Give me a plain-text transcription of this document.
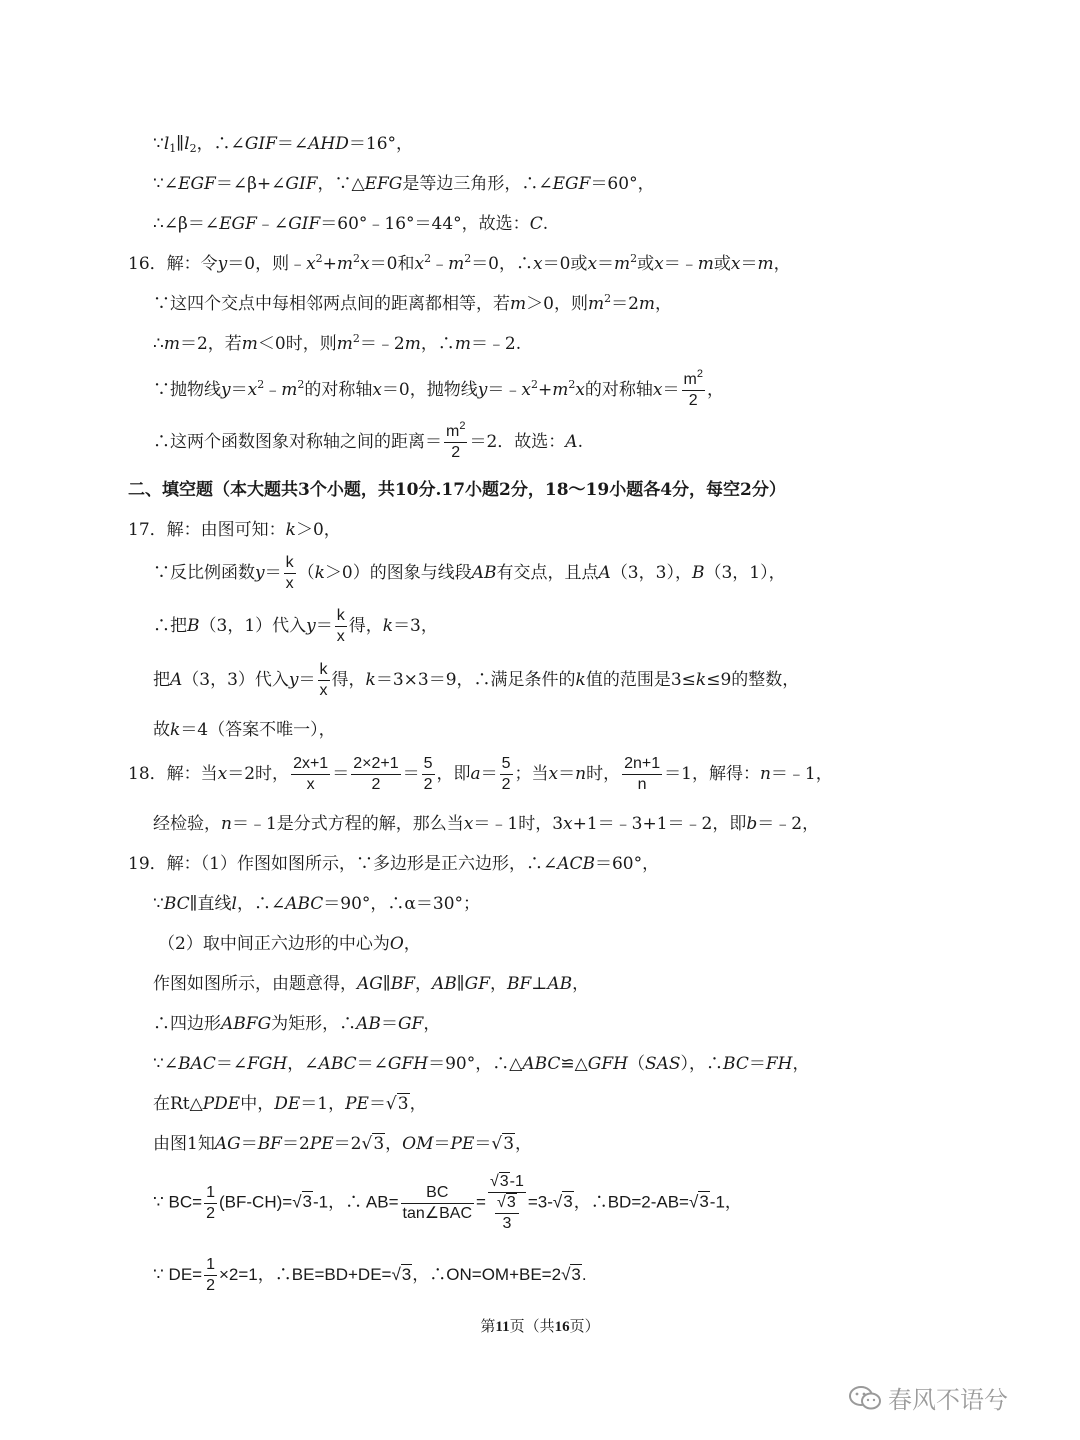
$\because l_1\parallel l_2$，∴∠GIF＝∠AHD＝16°，
∵∠EGF＝∠β+∠GIF，∵△EFG是等边三角形，∴∠EGF＝60°，
∴∠β＝∠EGF﹣∠GIF＝60°﹣16°＝44°，故选：C.
16．解：令y＝0，则$﹣x^2+m^2x=0$和$x^2﹣m^2=0$，∴x＝0或$x=m^2$或x＝﹣m或x＝m，
∵这四个交点中每相邻两点间的距离都相等，若m＞0，则$m^2=2m$，
∴m＝2，若m＜0时，则$m^2=﹣2m$，∴m＝﹣2.
∵抛物线$y=x^2﹣m^2$的对称轴x＝0，抛物线$y=﹣x^2+m^2x$的对称轴$x= \frac{m^2}{2}$ ，
∴这两个函数图象对称轴之间的距离＝ $\frac{m^2}{2} =2$．故选：A.
二、填空题（本大题共3个小题，共10分.17小题2分，18～19小题各4分，每空2分）
17．解：由图可知：k＞0，
∵反比例函数$y= \frac{k}{x} (k>0)$的图象与线段AB有交点，且点A（3，3），B（3，1），
∴把B（3，1）代入$y= \frac{k}{x}$ 得，k＝3，
把A（3，3）代入$y= \frac{k}{x}$ 得，k＝3×3＝9，∴满足条件的k值的范围是3≤k≤9的整数，
故k＝4（答案不唯一），
18．解：当x＝2时， $\frac{2x+1}{x} = \frac{2\times 2+1}{2} = \frac{5}{2}$ ，即$a= \frac{5}{2}$ ；当x＝n时， $\frac{2n+1}{n} =1$，解得：n＝﹣1，
经检验，n＝﹣1是分式方程的解，那么当x＝﹣1时，3x+1＝﹣3+1＝﹣2，即b＝﹣2，
19．解：（1）作图如图所示，∵多边形是正六边形，∴∠ACB＝60°，
∵BC∥直线l，∴∠ABC＝90°，∴α＝30°；
（2）取中间正六边形的中心为O，
作图如图所示，由题意得，AG∥BF，AB∥GF，BF⊥AB，
∴四边形ABFG为矩形，∴AB＝GF，
∵∠BAC＝∠FGH，∠ABC＝∠GFH＝90°，∴△ABC≌△GFH（SAS），∴BC＝FH，
在Rt△PDE中，DE＝1，PE＝√3，
由图1知AG＝BF＝2PE＝2√3，OM＝PE＝√3，
∵ $BC= \frac{1}{2} (BF-CH)=√3-1$，∴ $AB= \frac{BC}{\text{tan∠BAC}} = \frac{√3-1}{\frac{√3}{3}} =3-√3$，∴BD=2-AB=√3-1，
∵ $DE= \frac{1}{2} \times 2=1$，∴BE=BD+DE=√3，∴ON=OM+BE=2√3.
第11页（共16页）
春风不语兮
